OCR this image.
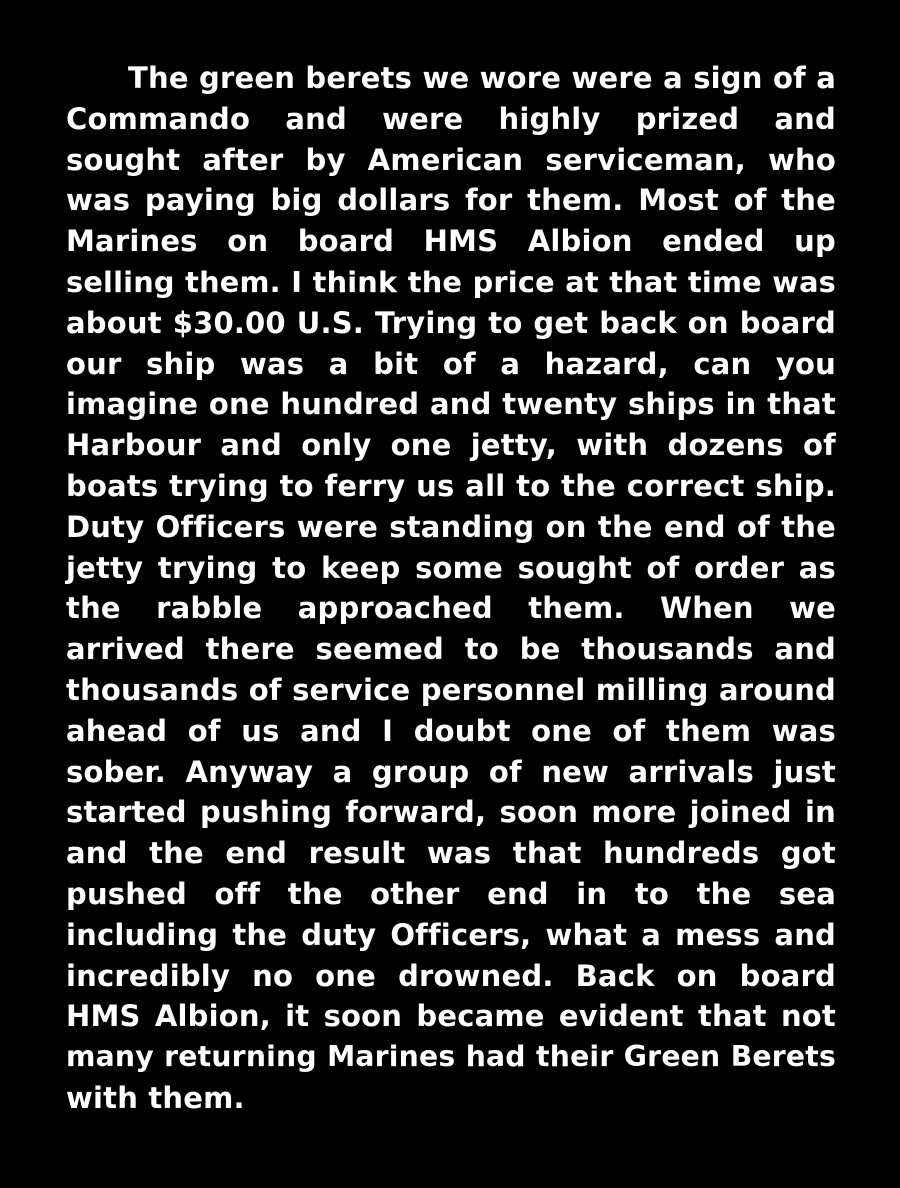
The green berets we wore were a sign of a
Commando and were highly prized and
sought after by American serviceman, who
was paying big dollars for them. Most of the
Marines on board HMS Albion ended up
selling them. I think the price at that time was
about $30.00 U.S. Trying to get back on board
our ship was a bit of a hazard, can you
imagine one hundred and twenty ships in that
Harbour and only one jetty, with dozens of
boats trying to ferry us all to the correct ship.
Duty Officers were standing on the end of the
jetty trying to keep some sought of order as
the rabble approached them. When we
arrived there seemed to be thousands and
thousands of service personnel milling around
ahead of us and I doubt one of them was
sober. Anyway a group of new arrivals just
started pushing forward, soon more joined in
and the end result was that hundreds got
pushed off the other end in to the sea
including the duty Officers, what a mess and
incredibly no one drowned. Back on board
HMS Albion, it soon became evident that not
many returning Marines had their Green Berets
with them.
